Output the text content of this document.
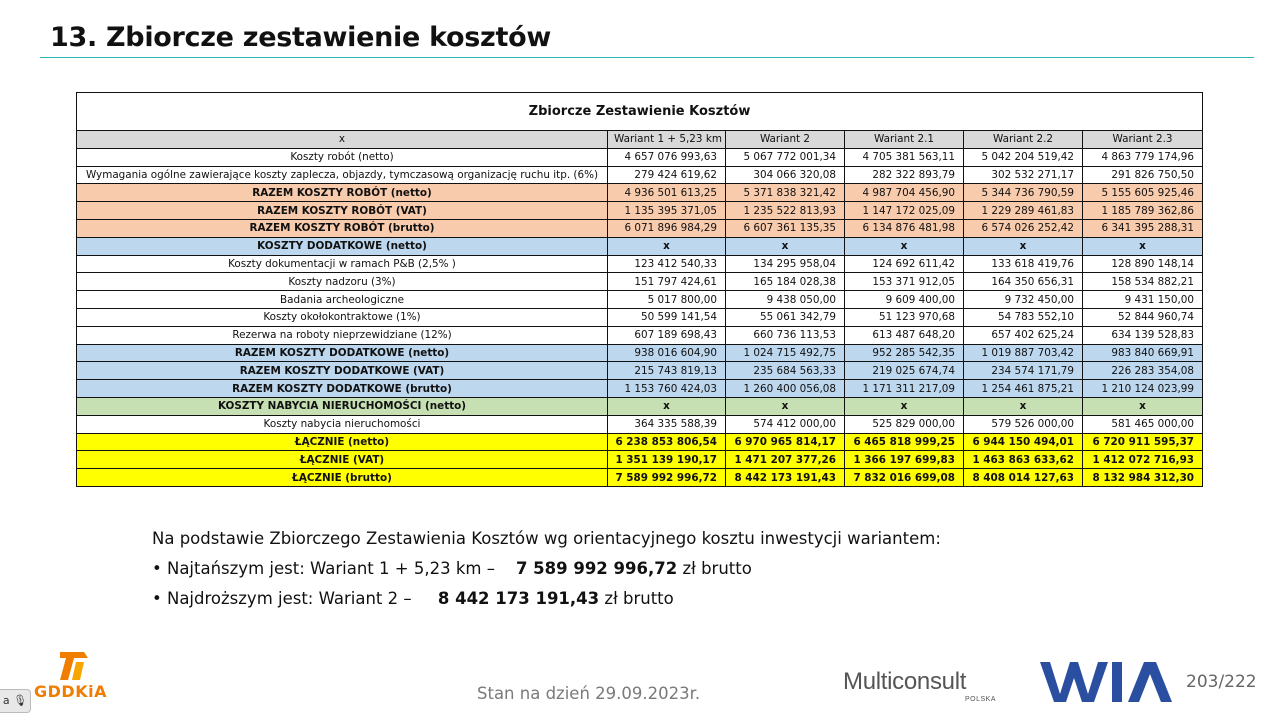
13. Zbiorcze zestawienie kosztów
Zbiorcze Zestawienie Kosztów					
x	Wariant 1 + 5,23 km	Wariant 2	Wariant 2.1	Wariant 2.2	Wariant 2.3
Koszty robót (netto)	4 657 076 993,63	5 067 772 001,34	4 705 381 563,11	5 042 204 519,42	4 863 779 174,96
Wymagania ogólne zawierające koszty zaplecza, objazdy, tymczasową organizację ruchu itp. (6%)	279 424 619,62	304 066 320,08	282 322 893,79	302 532 271,17	291 826 750,50
RAZEM KOSZTY ROBÓT (netto)	4 936 501 613,25	5 371 838 321,42	4 987 704 456,90	5 344 736 790,59	5 155 605 925,46
RAZEM KOSZTY ROBÓT (VAT)	1 135 395 371,05	1 235 522 813,93	1 147 172 025,09	1 229 289 461,83	1 185 789 362,86
RAZEM KOSZTY ROBÓT (brutto)	6 071 896 984,29	6 607 361 135,35	6 134 876 481,98	6 574 026 252,42	6 341 395 288,31
KOSZTY DODATKOWE (netto)	x	x	x	x	x
Koszty dokumentacji w ramach P&B (2,5% )	123 412 540,33	134 295 958,04	124 692 611,42	133 618 419,76	128 890 148,14
Koszty nadzoru (3%)	151 797 424,61	165 184 028,38	153 371 912,05	164 350 656,31	158 534 882,21
Badania archeologiczne	5 017 800,00	9 438 050,00	9 609 400,00	9 732 450,00	9 431 150,00
Koszty okołokontraktowe (1%)	50 599 141,54	55 061 342,79	51 123 970,68	54 783 552,10	52 844 960,74
Rezerwa na roboty nieprzewidziane (12%)	607 189 698,43	660 736 113,53	613 487 648,20	657 402 625,24	634 139 528,83
RAZEM KOSZTY DODATKOWE (netto)	938 016 604,90	1 024 715 492,75	952 285 542,35	1 019 887 703,42	983 840 669,91
RAZEM KOSZTY DODATKOWE (VAT)	215 743 819,13	235 684 563,33	219 025 674,74	234 574 171,79	226 283 354,08
RAZEM KOSZTY DODATKOWE (brutto)	1 153 760 424,03	1 260 400 056,08	1 171 311 217,09	1 254 461 875,21	1 210 124 023,99
KOSZTY NABYCIA NIERUCHOMOŚCI (netto)	x	x	x	x	x
Koszty nabycia nieruchomości	364 335 588,39	574 412 000,00	525 829 000,00	579 526 000,00	581 465 000,00
ŁĄCZNIE (netto)	6 238 853 806,54	6 970 965 814,17	6 465 818 999,25	6 944 150 494,01	6 720 911 595,37
ŁĄCZNIE (VAT)	1 351 139 190,17	1 471 207 377,26	1 366 197 699,83	1 463 863 633,62	1 412 072 716,93
ŁĄCZNIE (brutto)	7 589 992 996,72	8 442 173 191,43	7 832 016 699,08	8 408 014 127,63	8 132 984 312,30
Na podstawie Zbiorczego Zestawienia Kosztów wg orientacyjnego kosztu inwestycji wariantem:
• Najtańszym jest: Wariant 1 + 5,23 km – 7 589 992 996,72 zł brutto
• Najdroższym jest: Wariant 2 – 8 442 173 191,43 zł brutto
GDDKiA
a 🎙︎	Stan na dzień 29.09.2023r.	Multiconsult
POLSKA
203/222
